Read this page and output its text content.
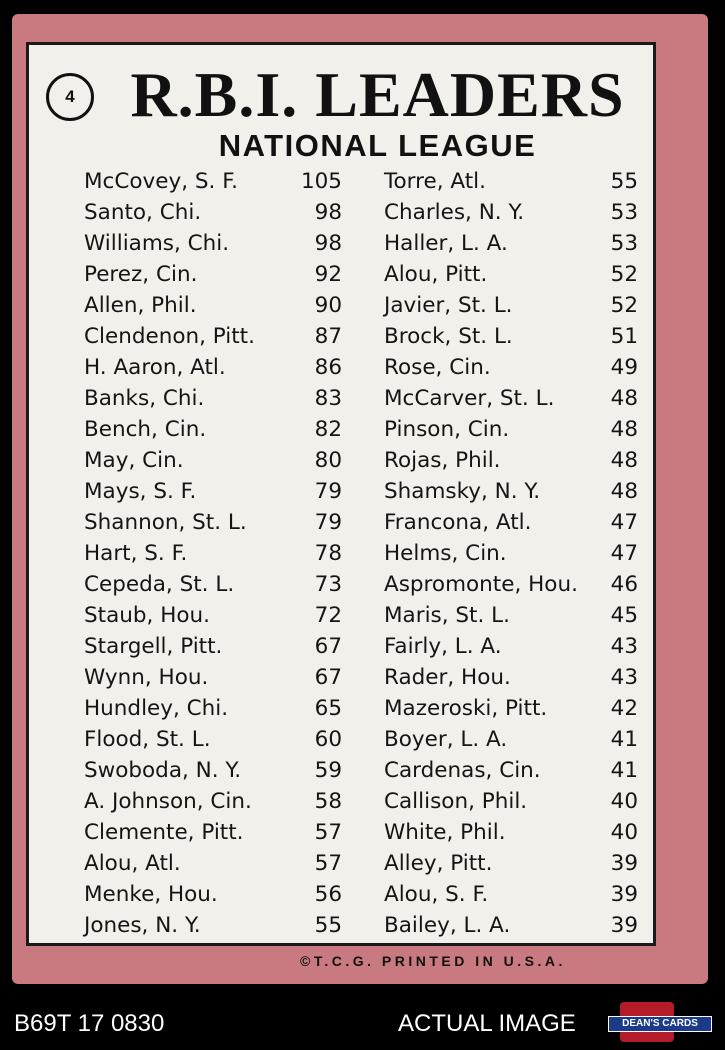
4 R.B.I. LEADERS
NATIONAL LEAGUE
McCovey, S. F.	105
Santo, Chi.	98
Williams, Chi.	98
Perez, Cin.	92
Allen, Phil.	90
Clendenon, Pitt.	87
H. Aaron, Atl.	86
Banks, Chi.	83
Bench, Cin.	82
May, Cin.	80
Mays, S. F.	79
Shannon, St. L.	79
Hart, S. F.	78
Cepeda, St. L.	73
Staub, Hou.	72
Stargell, Pitt.	67
Wynn, Hou.	67
Hundley, Chi.	65
Flood, St. L.	60
Swoboda, N. Y.	59
A. Johnson, Cin.	58
Clemente, Pitt.	57
Alou, Atl.	57
Menke, Hou.	56
Jones, N. Y.	55
Torre, Atl.	55
Charles, N. Y.	53
Haller, L. A.	53
Alou, Pitt.	52
Javier, St. L.	52
Brock, St. L.	51
Rose, Cin.	49
McCarver, St. L.	48
Pinson, Cin.	48
Rojas, Phil.	48
Shamsky, N. Y.	48
Francona, Atl.	47
Helms, Cin.	47
Aspromonte, Hou. 46
Maris, St. L.	45
Fairly, L. A.	43
Rader, Hou.	43
Mazeroski, Pitt.	42
Boyer, L. A.	41
Cardenas, Cin.	41
Callison, Phil.	40
White, Phil.	40
Alley, Pitt.	39
Alou, S. F.	39
Bailey, L. A.	39
©T.C.G. PRINTED IN U.S.A.
B69T 17 0830	ACTUAL IMAGE	DEAN'S CARDS
